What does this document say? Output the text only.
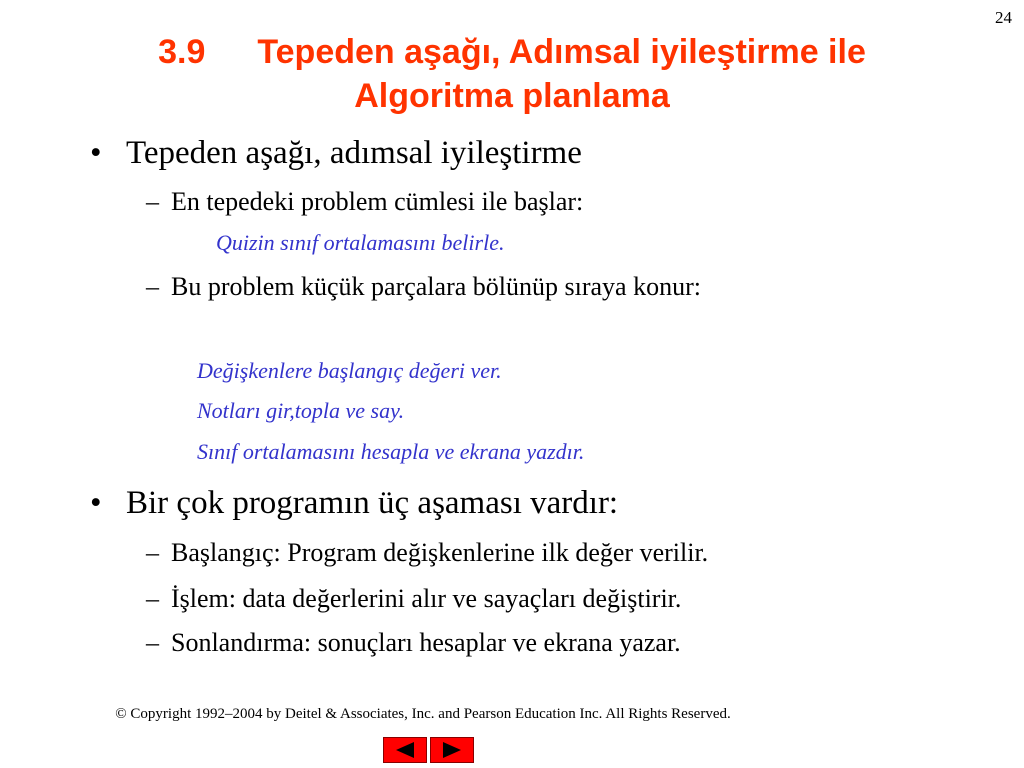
24
3.9 Tepeden aşağı, Adımsal iyileştirme ile
Algoritma planlama
• Tepeden aşağı, adımsal iyileştirme
– En tepedeki problem cümlesi ile başlar:
Quizin sınıf ortalamasını belirle.
– Bu problem küçük parçalara bölünüp sıraya konur:
Değişkenlere başlangıç değeri ver.
Notları gir,topla ve say.
Sınıf ortalamasını hesapla ve ekrana yazdır.
• Bir çok programın üç aşaması vardır:
– Başlangıç: Program değişkenlerine ilk değer verilir.
– İşlem: data değerlerini alır ve sayaçları değiştirir.
– Sonlandırma: sonuçları hesaplar ve ekrana yazar.
© Copyright 1992–2004 by Deitel & Associates, Inc. and Pearson Education Inc. All Rights Reserved.
